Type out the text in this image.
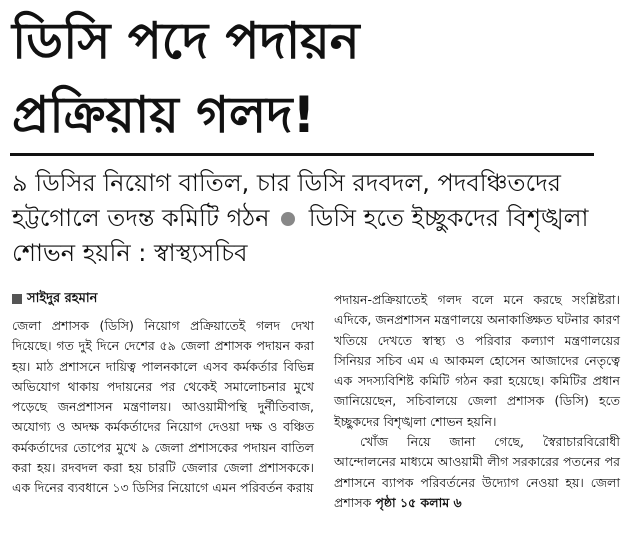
ডিসি পদে পদায়ন
প্রক্রিয়ায় গলদ!

৯ ডিসির নিয়োগ বাতিল, চার ডিসি রদবদল, পদবঞ্চিতদের হট্টগোলে তদন্ত কমিটি গঠন ডিসি হতে ইচ্ছুকদের বিশৃঙ্খলা শোভন হয়নি : স্বাস্থ্যসচিব

সাইদুর রহমান

জেলা প্রশাসক (ডিসি) নিয়োগ প্রক্রিয়াতেই গলদ দেখা দিয়েছে। গত দুই দিনে দেশের ৫৯ জেলা প্রশাসক পদায়ন করা হয়। মাঠ প্রশাসনে দায়িত্ব পালনকালে এসব কর্মকর্তার বিভিন্ন অভিযোগ থাকায় পদায়নের পর থেকেই সমালোচনার মুখে পড়েছে জনপ্রশাসন মন্ত্রণালয়। আওয়ামীপন্থি দুর্নীতিবাজ, অযোগ্য ও অদক্ষ কর্মকর্তাদের নিয়োগ দেওয়া দক্ষ ও বঞ্চিত কর্মকর্তাদের তোপের মুখে ৯ জেলা প্রশাসকের পদায়ন বাতিল করা হয়। রদবদল করা হয় চারটি জেলার জেলা প্রশাসককে। এক দিনের ব্যবধানে ১৩ ডিসির নিয়োগে এমন পরিবর্তন করায়

পদায়ন-প্রক্রিয়াতেই গলদ বলে মনে করছে সংশ্লিষ্টরা। এদিকে, জনপ্রশাসন মন্ত্রণালয়ে অনাকাঙ্ক্ষিত ঘটনার কারণ খতিয়ে দেখতে স্বাস্থ্য ও পরিবার কল্যাণ মন্ত্রণালয়ের সিনিয়র সচিব এম এ আকমল হোসেন আজাদের নেতৃত্বে এক সদস্যবিশিষ্ট কমিটি গঠন করা হয়েছে। কমিটির প্রধান জানিয়েছেন, সচিবালয়ে জেলা প্রশাসক (ডিসি) হতে ইচ্ছুকদের বিশৃঙ্খলা শোভন হয়নি।
খোঁজ নিয়ে জানা গেছে, স্বৈরাচারবিরোধী আন্দোলনের মাধ্যমে আওয়ামী লীগ সরকারের পতনের পর প্রশাসনে ব্যাপক পরিবর্তনের উদ্যোগ নেওয়া হয়। জেলা প্রশাসক পৃষ্ঠা ১৫ কলাম ৬
